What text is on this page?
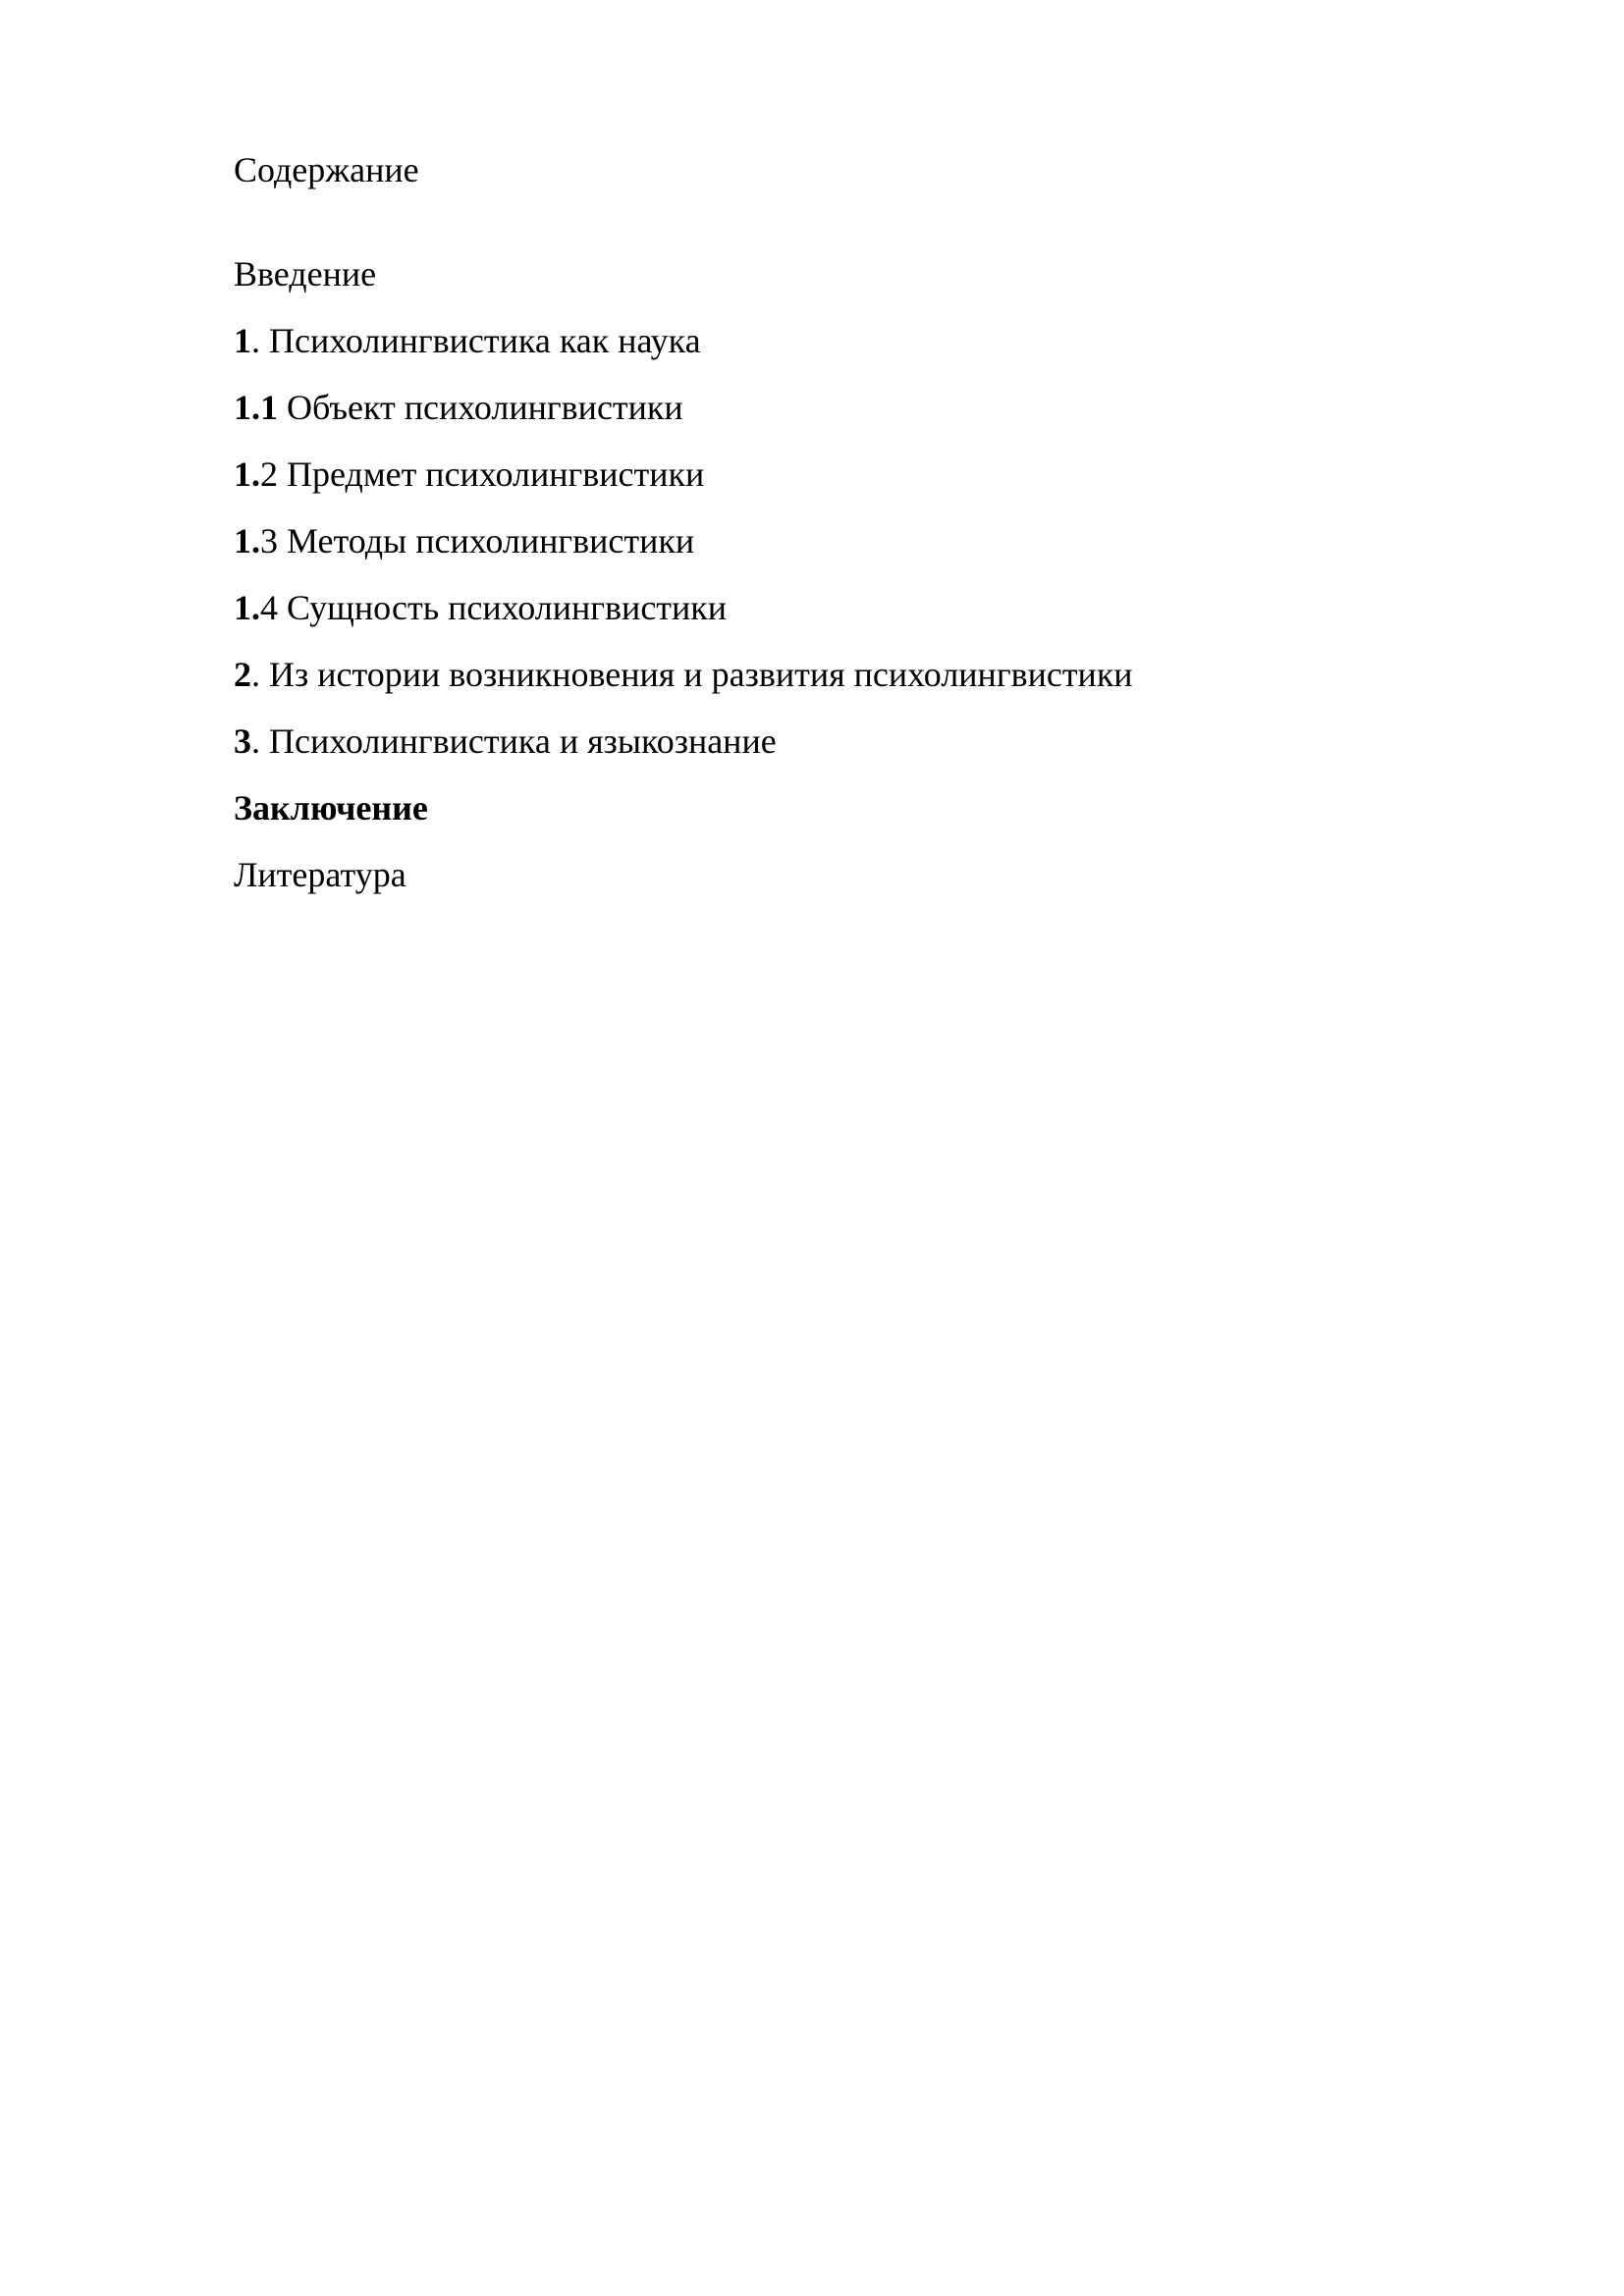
Содержание
Введение
1. Психолингвистика как наука
1.1 Объект психолингвистики
1.2 Предмет психолингвистики
1.3 Методы психолингвистики
1.4 Сущность психолингвистики
2. Из истории возникновения и развития психолингвистики
3. Психолингвистика и языкознание
Заключение
Литература
